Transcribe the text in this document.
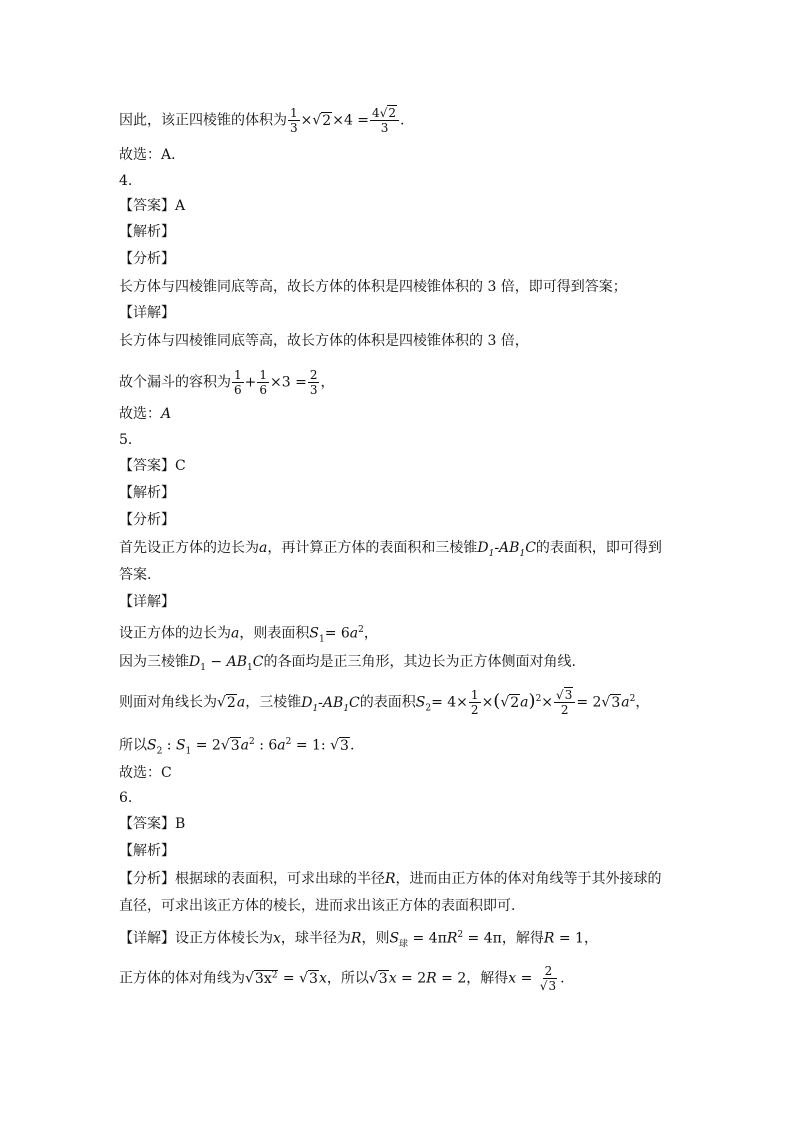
因此，该正四棱锥的体积为 $\frac{1}{3} \times√2\times 4 = \frac{4√2}{3}$ .
故选：A．
4.
【答案】A
【解析】
【分析】
长方体与四棱锥同底等高，故长方体的体积是四棱锥体积的 3 倍，即可得到答案；
【详解】
长方体与四棱锥同底等高，故长方体的体积是四棱锥体积的 3 倍，
故个漏斗的容积为 $\frac{1}{6} + \frac{1}{6} \times 3 = \frac{2}{3}$ ，
故选：A
5.
【答案】C
【解析】
【分析】
首先设正方体的边长为a，再计算正方体的表面积和三棱锥$D_1-AB_1C$的表面积，即可得到
答案.
【详解】
设正方体的边长为a，则表面积$S_1= 6a^2$，
因为三棱锥$D_1 - AB_1C$的各面均是正三角形，其边长为正方体侧面对角线.
则面对角线长为√2a，三棱锥$D_1-AB_1C$的表面积$S_2= 4\times \frac{1}{2} \times(√2a)^2\times \frac{√3}{2} = 2√3a^2$，
所以$S_2$ : $S_1 = 2√3a^2$ : $6a^2 = 1$: √3.
故选：C
6.
【答案】B
【解析】
【分析】根据球的表面积，可求出球的半径R，进而由正方体的体对角线等于其外接球的
直径，可求出该正方体的棱长，进而求出该正方体的表面积即可.
【详解】设正方体棱长为x，球半径为R，则$S_球 = 4\pi R^2 = 4\pi$，解得R = 1，
正方体的体对角线为$√3x^2 = √3x$，所以√3x = 2R = 2，解得$x = \frac{2}{√3}$ .
